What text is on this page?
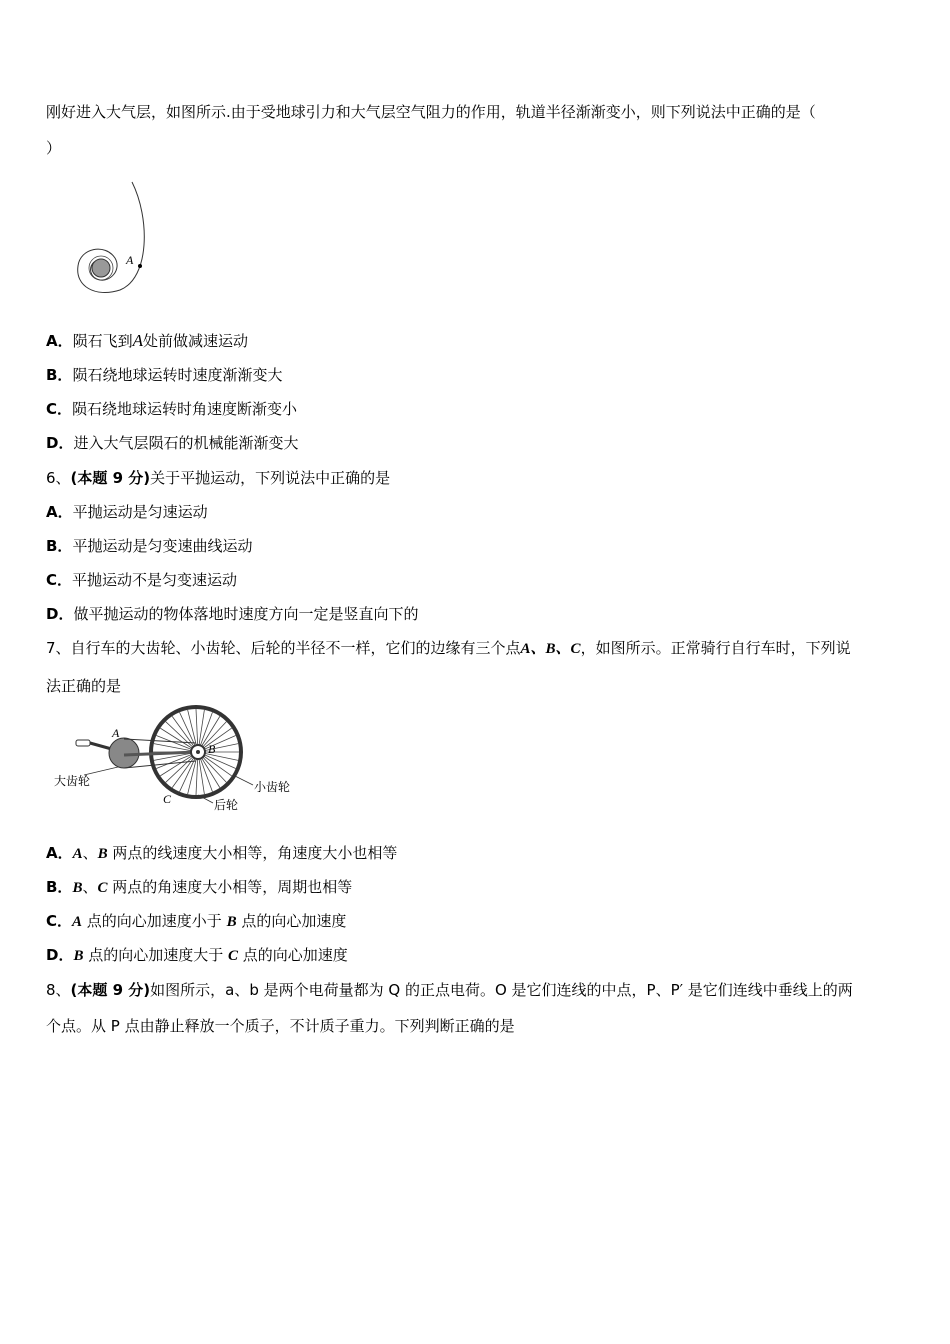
刚好进入大气层，如图所示.由于受地球引力和大气层空气阻力的作用，轨道半径渐渐变小，则下列说法中正确的是（
）
A
A．陨石飞到A处前做减速运动
B．陨石绕地球运转时速度渐渐变大
C．陨石绕地球运转时角速度断渐变小
D．进入大气层陨石的机械能渐渐变大
6、(本题 9 分)关于平抛运动，下列说法中正确的是
A．平抛运动是匀速运动
B．平抛运动是匀变速曲线运动
C．平抛运动不是匀变速运动
D．做平抛运动的物体落地时速度方向一定是竖直向下的
7、自行车的大齿轮、小齿轮、后轮的半径不一样，它们的边缘有三个点A、B、C，如图所示。正常骑行自行车时，下列说
法正确的是
A
B
C
大齿轮	小齿轮
后轮
A．A、B 两点的线速度大小相等，角速度大小也相等
B．B、C 两点的角速度大小相等，周期也相等
C．A 点的向心加速度小于 B 点的向心加速度
D．B 点的向心加速度大于 C 点的向心加速度
8、(本题 9 分)如图所示，a、b 是两个电荷量都为 Q 的正点电荷。O 是它们连线的中点，P、P′ 是它们连线中垂线上的两
个点。从 P 点由静止释放一个质子，不计质子重力。下列判断正确的是
